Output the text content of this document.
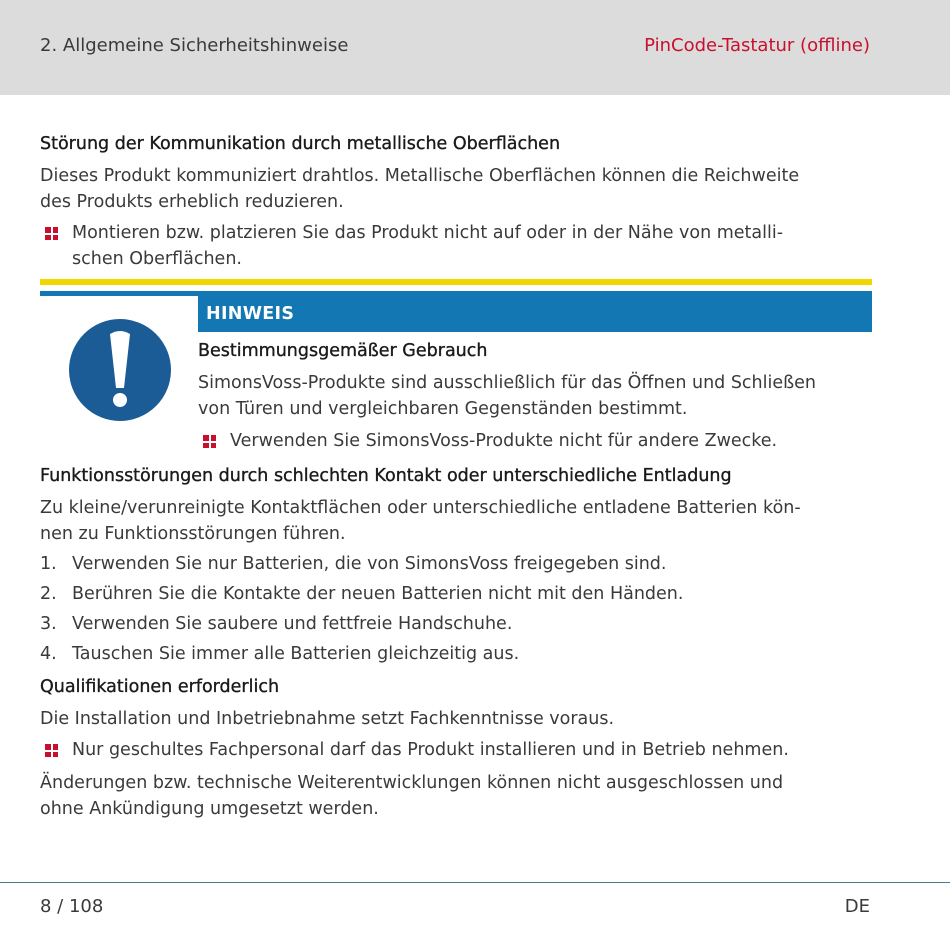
2. Allgemeine Sicherheitshinweise	PinCode-Tastatur (offline)
Störung der Kommunikation durch metallische Oberflächen

Dieses Produkt kommuniziert drahtlos. Metallische Oberflächen können die Reichweite

des Produkts erheblich reduzieren.

Montieren bzw. platzieren Sie das Produkt nicht auf oder in der Nähe von metalli-
schen Oberflächen.
HINWEIS
Bestimmungsgemäßer Gebrauch

SimonsVoss-Produkte sind ausschließlich für das Öffnen und Schließen

von Türen und vergleichbaren Gegenständen bestimmt.

Verwenden Sie SimonsVoss-Produkte nicht für andere Zwecke.
Funktionsstörungen durch schlechten Kontakt oder unterschiedliche Entladung

Zu kleine/verunreinigte Kontaktflächen oder unterschiedliche entladene Batterien kön-

nen zu Funktionsstörungen führen.

1. Verwenden Sie nur Batterien, die von SimonsVoss freigegeben sind.
2. Berühren Sie die Kontakte der neuen Batterien nicht mit den Händen.
3. Verwenden Sie saubere und fettfreie Handschuhe.
4. Tauschen Sie immer alle Batterien gleichzeitig aus.
Qualifikationen erforderlich

Die Installation und Inbetriebnahme setzt Fachkenntnisse voraus.

Nur geschultes Fachpersonal darf das Produkt installieren und in Betrieb nehmen.

Änderungen bzw. technische Weiterentwicklungen können nicht ausgeschlossen und

ohne Ankündigung umgesetzt werden.

8 / 108	DE
